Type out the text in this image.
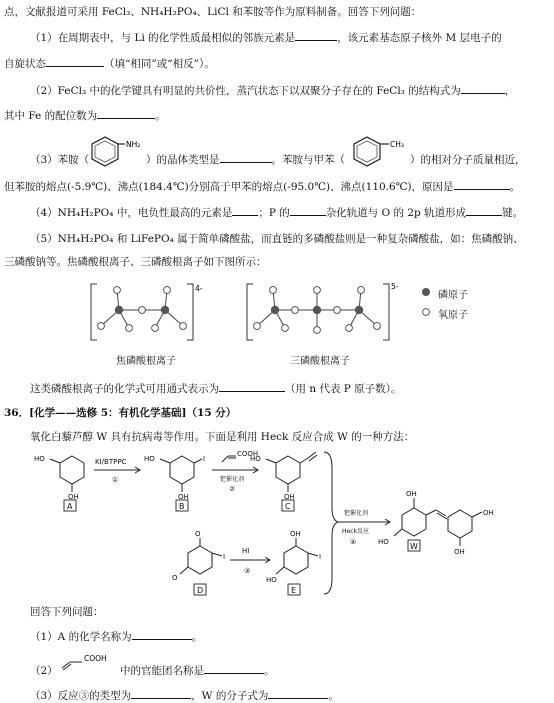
点，文献报道可采用 FeCl₃、NH₄H₂PO₄、LiCl 和苯胺等作为原料制备。回答下列问题：
（1）在周期表中，与 Li 的化学性质最相似的邻族元素是	，该元素基态原子核外 M 层电子的
自旋状态	（填“相同”或“相反”）。
（2）FeCl₃ 中的化学键具有明显的共价性，蒸汽状态下以双聚分子存在的 FeCl₃ 的结构式为	，
其中 Fe 的配位数为	。
（3）苯胺（
NH₂
）的晶体类型是	。苯胺与甲苯（
CH₃
）的相对分子质量相近，
但苯胺的熔点(-5.9℃)、沸点(184.4℃)分别高于甲苯的熔点(-95.0℃)、沸点(110.6℃)，原因是	。
（4）NH₄H₂PO₄ 中，电负性最高的元素是 ；P 的	杂化轨道与 O 的 2p 轨道形成	键。
（5）NH₄H₂PO₄ 和 LiFePO₄ 属于简单磷酸盐，而直链的多磷酸盐则是一种复杂磷酸盐，如：焦磷酸钠、
三磷酸钠等。焦磷酸根离子、三磷酸根离子如下图所示：
4-	5-
磷原子
氧原子
焦磷酸根离子	三磷酸根离子
这类磷酸根离子的化学式可用通式表示为	（用 n 代表 P 原子数）。
36．[化学——选修 5：有机化学基础]（15 分）
氧化白藜芦醇 W 具有抗病毒等作用。下面是利用 Heck 反应合成 W 的一种方法：
HO
OH
KI/BTPPC
①
HO
OH
I
COOH
钯催化剂
②
HO
OH
钯催化剂
Heck反应
④
OH
HO
OH
OH
O
O
I
HI
③
OH
HO
I
A	B	C
D	E
W
回答下列问题：
（1）A 的化学名称为	。
（2）
COOH
中的官能团名称是	。
（3）反应③的类型为	，W 的分子式为	。
